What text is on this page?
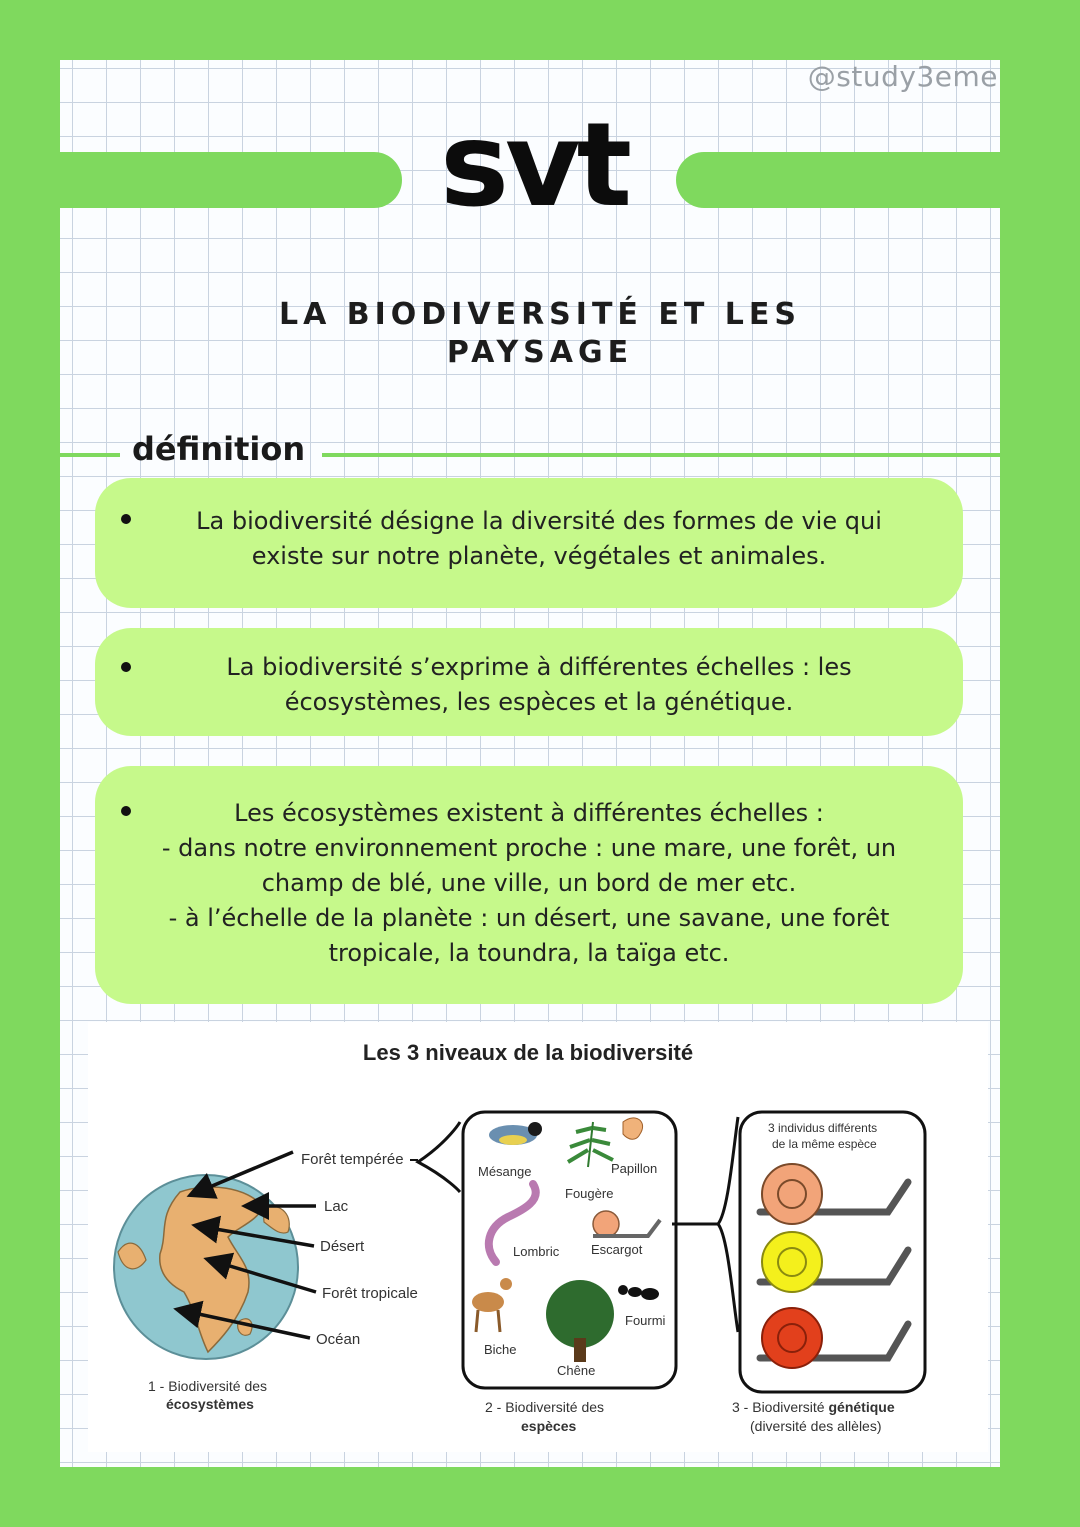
@study3eme
svt
LA BIODIVERSITÉ ET LES PAYSAGE
définition
La biodiversité désigne la diversité des formes de vie qui
existe sur notre planète, végétales et animales.
La biodiversité s’exprime à différentes échelles : les
écosystèmes, les espèces et la génétique.
Les écosystèmes existent à différentes échelles :
- dans notre environnement proche : une mare, une forêt, un
champ de blé, une ville, un bord de mer etc.
- à l’échelle de la planète : un désert, une savane, une forêt
tropicale, la toundra, la taïga etc.
Les 3 niveaux de la biodiversité
Forêt tempérée
Lac
Désert
Forêt tropicale
Océan
1 - Biodiversité des
écosystèmes
Mésange	Papillon
Fougère
Lombric Escargot
Fourmi
Biche
Chêne
2 - Biodiversité des
espèces
3 individus différents
de la même espèce
3 - Biodiversité génétique
(diversité des allèles)
